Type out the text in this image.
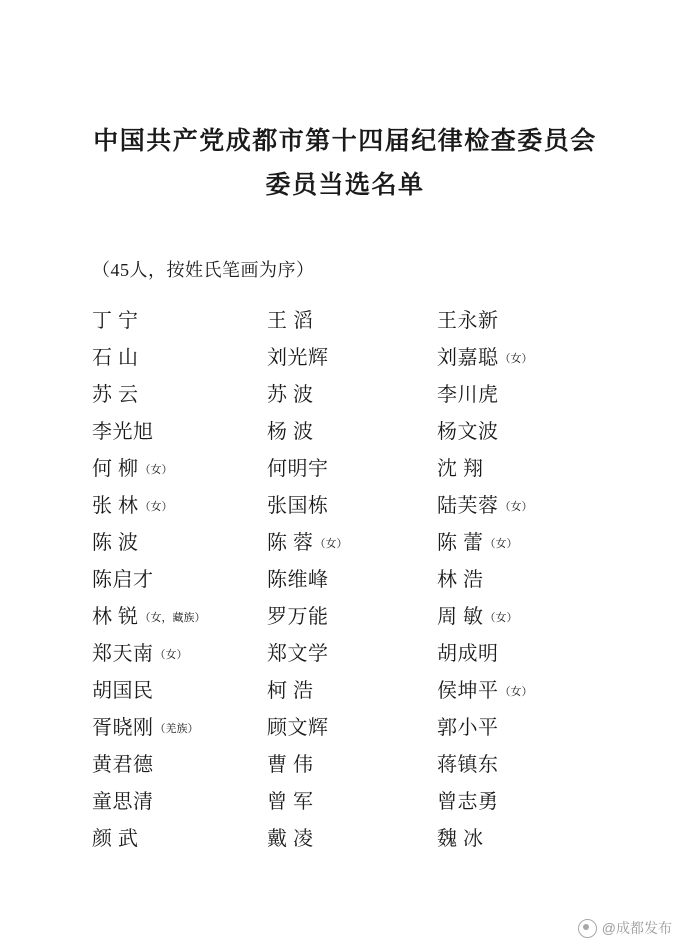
中国共产党成都市第十四届纪律检查委员会
委员当选名单
（45人，按姓氏笔画为序）
丁 宁	王 滔	王永新
石 山	刘光辉	刘嘉聪（女）
苏 云	苏 波	李川虎
李光旭	杨 波	杨文波
何 柳（女）	何明宇	沈 翔
张 林（女）	张国栋	陆芙蓉（女）
陈 波	陈 蓉（女）	陈 蕾（女）
陈启才	陈维峰	林 浩
林 锐（女，藏族）	罗万能	周 敏（女）
郑天南（女）	郑文学	胡成明
胡国民	柯 浩	侯坤平（女）
胥晓刚（羌族）	顾文辉	郭小平
黄君德	曹 伟	蒋镇东
童思清	曾 军	曾志勇
颜 武	戴 凌	魏 冰
@成都发布
